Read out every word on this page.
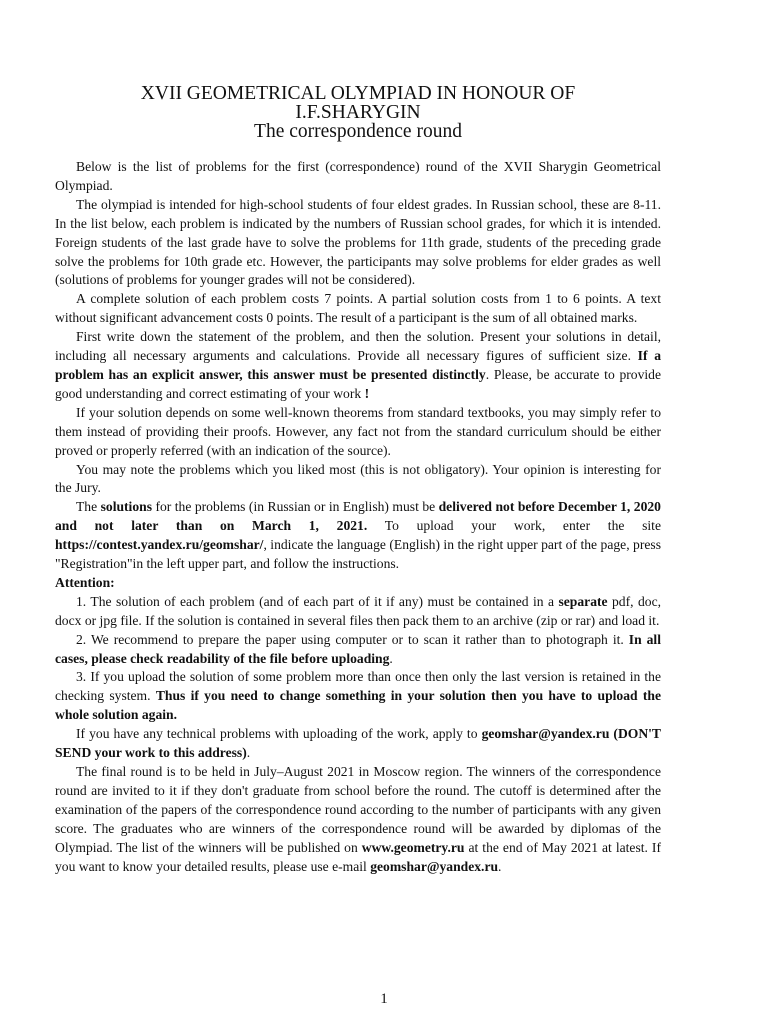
XVII GEOMETRICAL OLYMPIAD IN HONOUR OF
I.F.SHARYGIN
The correspondence round

Below is the list of problems for the first (correspondence) round of the XVII Sharygin Geometrical Olympiad.

The olympiad is intended for high-school students of four eldest grades. In Russian school, these are 8-11. In the list below, each problem is indicated by the numbers of Russian school grades, for which it is intended. Foreign students of the last grade have to solve the problems for 11th grade, students of the preceding grade solve the problems for 10th grade etc. However, the participants may solve problems for elder grades as well (solutions of problems for younger grades will not be considered).

A complete solution of each problem costs 7 points. A partial solution costs from 1 to 6 points. A text without significant advancement costs 0 points. The result of a participant is the sum of all obtained marks.

First write down the statement of the problem, and then the solution. Present your solutions in detail, including all necessary arguments and calculations. Provide all necessary figures of sufficient size. If a problem has an explicit answer, this answer must be presented distinctly. Please, be accurate to provide good understanding and correct estimating of your work !

If your solution depends on some well-known theorems from standard textbooks, you may simply refer to them instead of providing their proofs. However, any fact not from the standard curriculum should be either proved or properly referred (with an indication of the source).

You may note the problems which you liked most (this is not obligatory). Your opinion is interesting for the Jury.

The solutions for the problems (in Russian or in English) must be delivered not before December 1, 2020 and not later than on March 1, 2021. To upload your work, enter the site https://contest.yandex.ru/geomshar/, indicate the language (English) in the right upper part of the page, press "Registration"in the left upper part, and follow the instructions.

Attention:

1. The solution of each problem (and of each part of it if any) must be contained in a separate pdf, doc, docx or jpg file. If the solution is contained in several files then pack them to an archive (zip or rar) and load it.

2. We recommend to prepare the paper using computer or to scan it rather than to photograph it. In all cases, please check readability of the file before uploading.

3. If you upload the solution of some problem more than once then only the last version is retained in the checking system. Thus if you need to change something in your solution then you have to upload the whole solution again.

If you have any technical problems with uploading of the work, apply to geomshar@yandex.ru (DON'T SEND your work to this address).

The final round is to be held in July–August 2021 in Moscow region. The winners of the correspondence round are invited to it if they don't graduate from school before the round. The cutoff is determined after the examination of the papers of the correspondence round according to the number of participants with any given score. The graduates who are winners of the correspondence round will be awarded by diplomas of the Olympiad. The list of the winners will be published on www.geometry.ru at the end of May 2021 at latest. If you want to know your detailed results, please use e-mail geomshar@yandex.ru.

1
